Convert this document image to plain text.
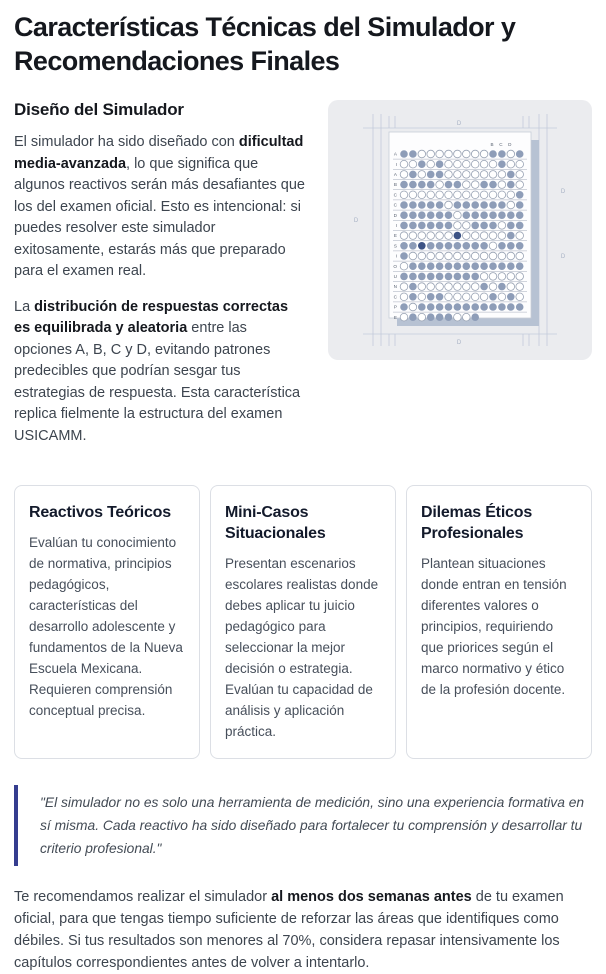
Características Técnicas del Simulador y Recomendaciones Finales
Diseño del Simulador

El simulador ha sido diseñado con dificultad media-avanzada, lo que significa que algunos reactivos serán más desafiantes que los del examen oficial. Esto es intencional: si puedes resolver este simulador exitosamente, estarás más que preparado para el examen real.

La distribución de respuestas correctas es equilibrada y aleatoria entre las opciones A, B, C y D, evitando patrones predecibles que podrían sesgar tus estrategias de respuesta. Esta característica replica fielmente la estructura del examen USICAMM.

D
D
D
D
D
B C D
A
I
A
B
C
C
D
I
E
S
I
O
U
N
C
P
E
Reactivos Teóricos

Evalúan tu conocimiento de normativa, principios pedagógicos, características del desarrollo adolescente y fundamentos de la Nueva Escuela Mexicana. Requieren comprensión conceptual precisa.

Mini-Casos Situacionales

Presentan escenarios escolares realistas donde debes aplicar tu juicio pedagógico para seleccionar la mejor decisión o estrategia. Evalúan tu capacidad de análisis y aplicación práctica.

Dilemas Éticos Profesionales

Plantean situaciones donde entran en tensión diferentes valores o principios, requiriendo que priorices según el marco normativo y ético de la profesión docente.

"El simulador no es solo una herramienta de medición, sino una experiencia formativa en sí misma. Cada reactivo ha sido diseñado para fortalecer tu comprensión y desarrollar tu criterio profesional."

Te recomendamos realizar el simulador al menos dos semanas antes de tu examen oficial, para que tengas tiempo suficiente de reforzar las áreas que identifiques como débiles. Si tus resultados son menores al 70%, considera repasar intensivamente los capítulos correspondientes antes de volver a intentarlo.
